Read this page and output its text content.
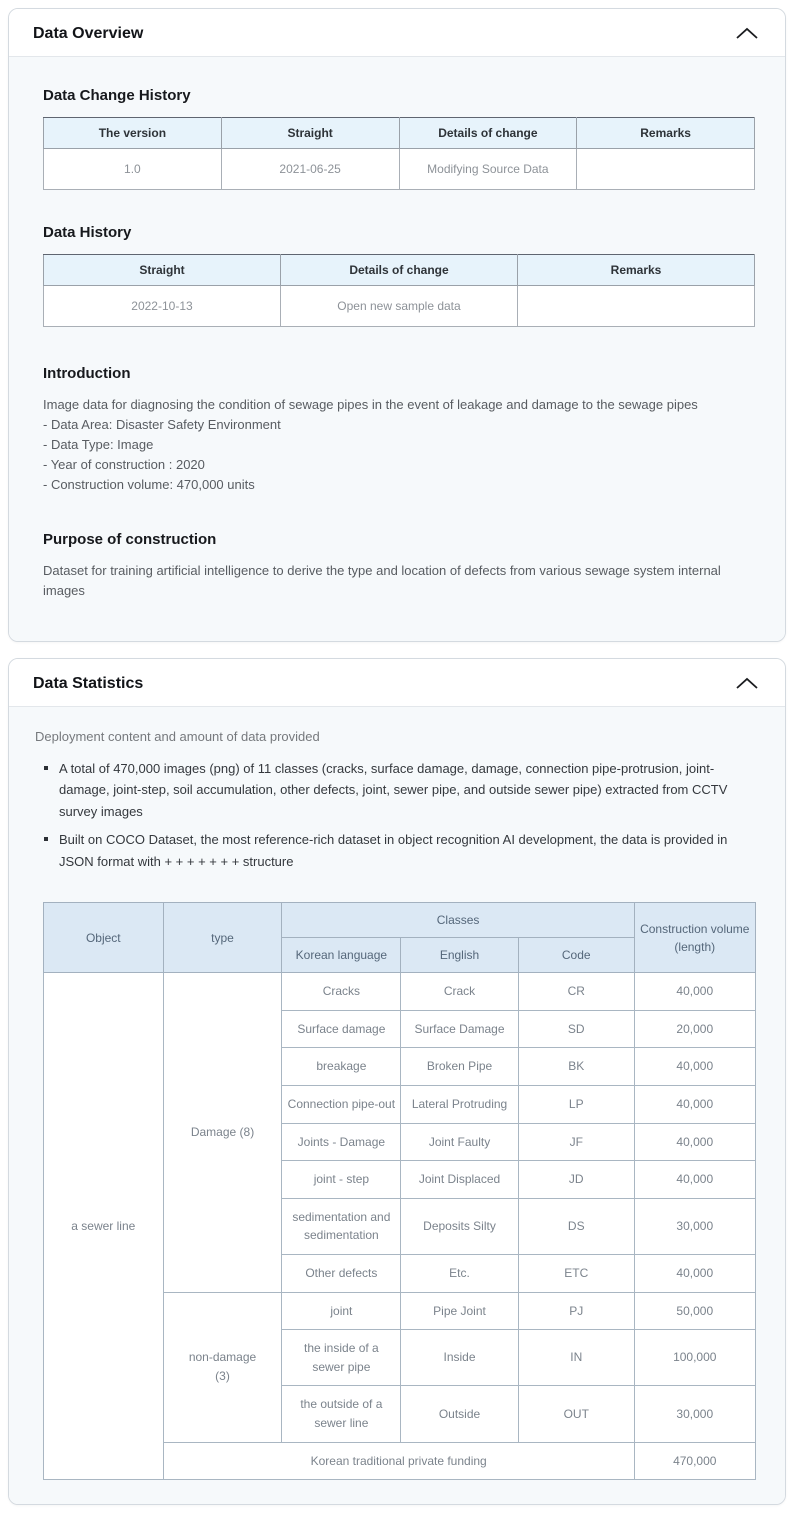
Data Overview
Data Change History
The version	Straight	Details of change	Remarks
1.0	2021-06-25	Modifying Source Data	
Data History
Straight	Details of change	Remarks
2022-10-13	Open new sample data	
Introduction

Image data for diagnosing the condition of sewage pipes in the event of leakage and damage to the sewage pipes

- Data Area: Disaster Safety Environment

- Data Type: Image

- Year of construction : 2020

- Construction volume: 470,000 units

Purpose of construction

Dataset for training artificial intelligence to derive the type and location of defects from various sewage system internal images

Data Statistics

Deployment content and amount of data provided

A total of 470,000 images (png) of 11 classes (cracks, surface damage, damage, connection pipe-protrusion, joint-damage, joint-step, soil accumulation, other defects, joint, sewer pipe, and outside sewer pipe) extracted from CCTV survey images
Built on COCO Dataset, the most reference-rich dataset in object recognition AI development, the data is provided in JSON format with + + + + + + + structure
Object	type	Classes			Construction volume
(length)

		Korean language	English	Code	
a sewer line	Damage (8)	Cracks	Crack	CR	40,000
		Surface damage	Surface Damage	SD	20,000
		breakage	Broken Pipe	BK	40,000
		Connection pipe-out	Lateral Protruding	LP	40,000
		Joints - Damage	Joint Faulty	JF	40,000
		joint - step	Joint Displaced	JD	40,000
		sedimentation and sedimentation	Deposits Silty	DS	30,000
		Other defects	Etc.	ETC	40,000

	non-damage
(3)	joint	Pipe Joint	PJ	50,000
		the inside of a sewer pipe	Inside	IN	100,000
		the outside of a sewer line	Outside	OUT	30,000
	Korean traditional private funding				470,000
